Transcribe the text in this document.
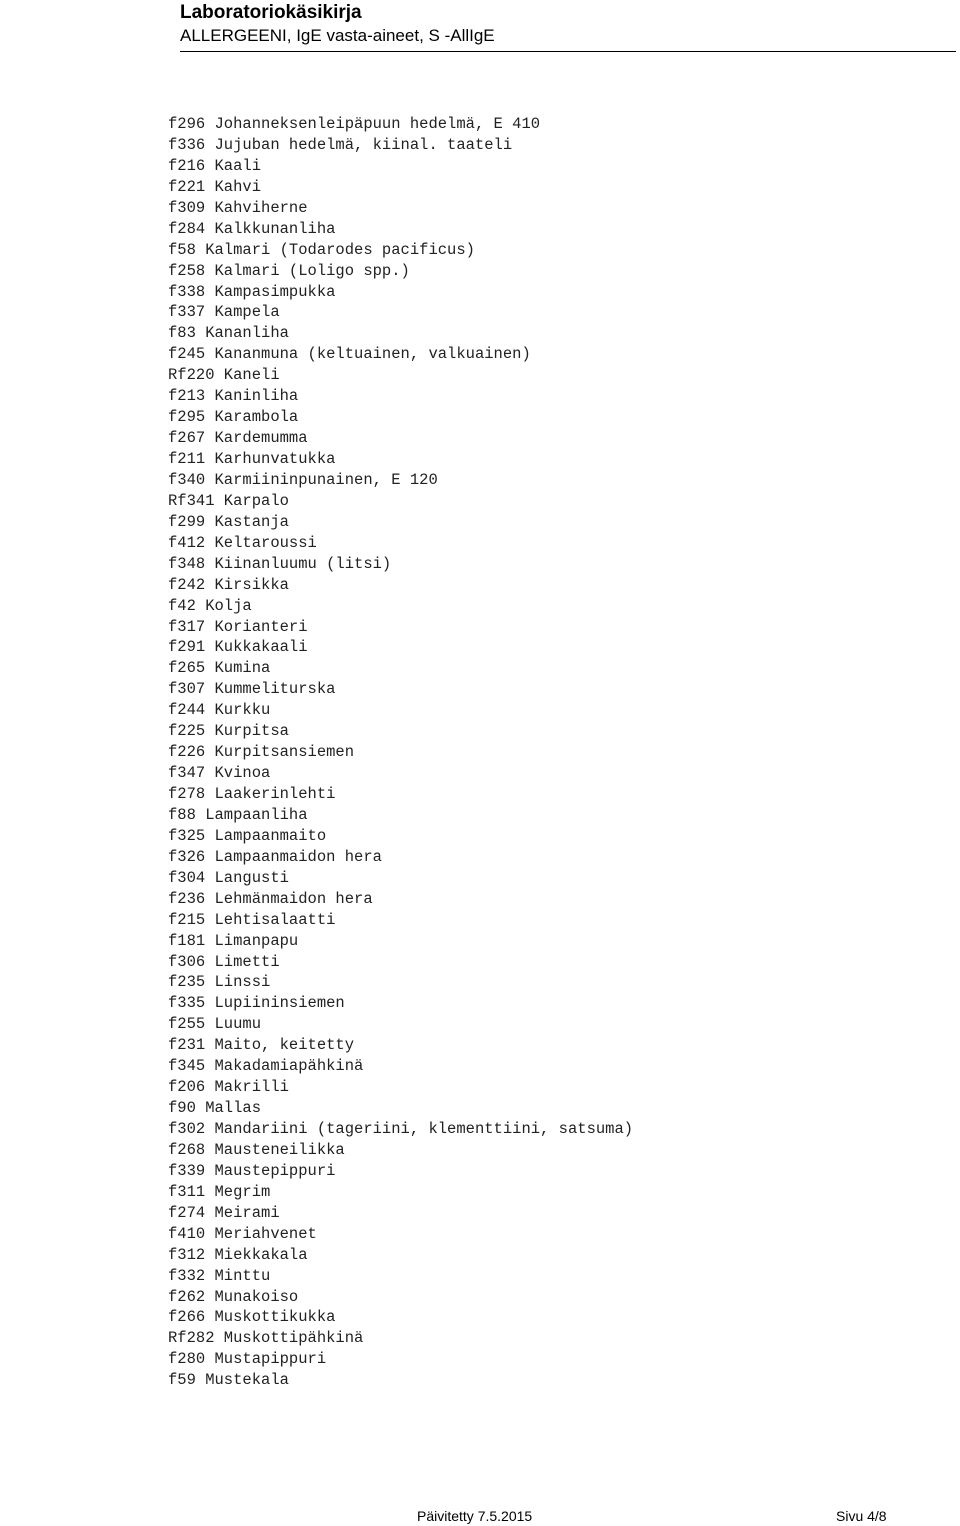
Laboratoriokäsikirja
ALLERGEENI, IgE vasta-aineet, S -AllIgE
f296 Johanneksenleipäpuun hedelmä, E 410
f336 Jujuban hedelmä, kiinal. taateli
f216 Kaali
f221 Kahvi
f309 Kahviherne
f284 Kalkkunanliha
f58 Kalmari (Todarodes pacificus)
f258 Kalmari (Loligo spp.)
f338 Kampasimpukka
f337 Kampela
f83 Kananliha
f245 Kananmuna (keltuainen, valkuainen)
Rf220 Kaneli
f213 Kaninliha
f295 Karambola
f267 Kardemumma
f211 Karhunvatukka
f340 Karmiininpunainen, E 120
Rf341 Karpalo
f299 Kastanja
f412 Keltaroussi
f348 Kiinanluumu (litsi)
f242 Kirsikka
f42 Kolja
f317 Korianteri
f291 Kukkakaali
f265 Kumina
f307 Kummeliturska
f244 Kurkku
f225 Kurpitsa
f226 Kurpitsansiemen
f347 Kvinoa
f278 Laakerinlehti
f88 Lampaanliha
f325 Lampaanmaito
f326 Lampaanmaidon hera
f304 Langusti
f236 Lehmänmaidon hera
f215 Lehtisalaatti
f181 Limanpapu
f306 Limetti
f235 Linssi
f335 Lupiininsiemen
f255 Luumu
f231 Maito, keitetty
f345 Makadamiapähkinä
f206 Makrilli
f90 Mallas
f302 Mandariini (tageriini, klementtiini, satsuma)
f268 Mausteneilikka
f339 Maustepippuri
f311 Megrim
f274 Meirami
f410 Meriahvenet
f312 Miekkakala
f332 Minttu
f262 Munakoiso
f266 Muskottikukka
Rf282 Muskottipähkinä
f280 Mustapippuri
f59 Mustekala
Päivitetty 7.5.2015	Sivu 4/8
